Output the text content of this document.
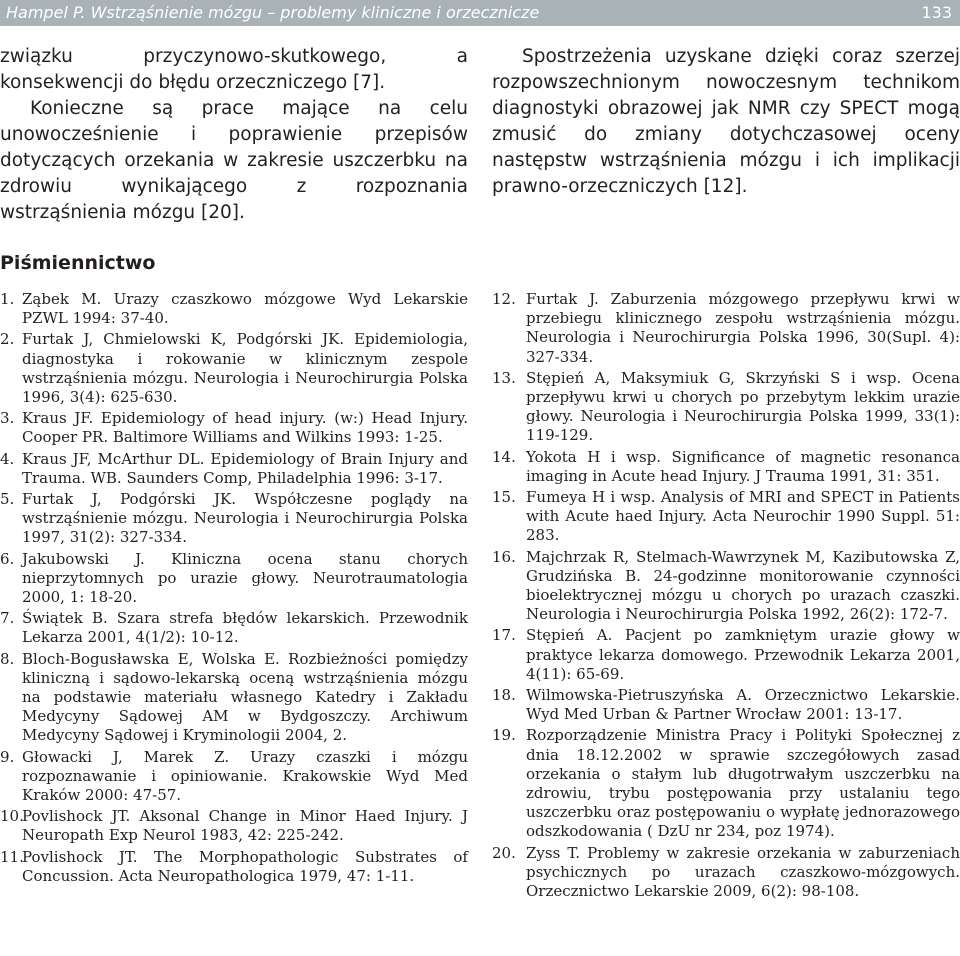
Hampel P. Wstrząśnienie mózgu – problemy kliniczne i orzecznicze	133

związku przyczynowo-skutkowego, a konsekwencji do błędu orzeczniczego [7].

Konieczne są prace mające na celu unowocześnienie i poprawienie przepisów dotyczących orzekania w zakresie uszczerbku na zdrowiu wynikającego z rozpoznania wstrząśnienia mózgu [20].

Spostrzeżenia uzyskane dzięki coraz szerzej rozpowszechnionym nowoczesnym technikom diagnostyki obrazowej jak NMR czy SPECT mogą zmusić do zmiany dotychczasowej oceny następstw wstrząśnienia mózgu i ich implikacji prawno-orzeczniczych [12].

Piśmiennictwo
1. Ząbek M. Urazy czaszkowo mózgowe Wyd Lekarskie PZWL 1994: 37-40.
2. Furtak J, Chmielowski K, Podgórski JK. Epidemiologia, diagnostyka i rokowanie w klinicznym zespole wstrząśnienia mózgu. Neurologia i Neurochirurgia Polska 1996, 3(4): 625-630.
3. Kraus JF. Epidemiology of head injury. (w:) Head Injury. Cooper PR. Baltimore Williams and Wilkins 1993: 1-25.
4. Kraus JF, McArthur DL. Epidemiology of Brain Injury and Trauma. WB. Saunders Comp, Philadelphia 1996: 3-17.
5. Furtak J, Podgórski JK. Współczesne poglądy na wstrząśnienie mózgu. Neurologia i Neurochirurgia Polska 1997, 31(2): 327-334.
6. Jakubowski J. Kliniczna ocena stanu chorych nieprzytomnych po urazie głowy. Neurotraumatologia 2000, 1: 18-20.
7. Świątek B. Szara strefa błędów lekarskich. Przewodnik Lekarza 2001, 4(1/2): 10-12.
8. Bloch-Bogusławska E, Wolska E. Rozbieżności pomiędzy kliniczną i sądowo-lekarską oceną wstrząśnienia mózgu na podstawie materiału własnego Katedry i Zakładu Medycyny Sądowej AM w Bydgoszczy. Archiwum Medycyny Sądowej i Kryminologii 2004, 2.
9. Głowacki J, Marek Z. Urazy czaszki i mózgu rozpoznawanie i opiniowanie. Krakowskie Wyd Med Kraków 2000: 47-57.
10.
Povlishock JT. Aksonal Change in Minor Haed Injury. J Neuropath Exp Neurol 1983, 42: 225-242.
11.
Povlishock JT. The Morphopathologic Substrates of Concussion. Acta Neuropathologica 1979, 47: 1-11.
12. Furtak J. Zaburzenia mózgowego przepływu krwi w przebiegu klinicznego zespołu wstrząśnienia mózgu. Neurologia i Neurochirurgia Polska 1996, 30(Supl. 4): 327-334.
13. Stępień A, Maksymiuk G, Skrzyński S i wsp. Ocena przepływu krwi u chorych po przebytym lekkim urazie głowy. Neurologia i Neurochirurgia Polska 1999, 33(1): 119-129.
14. Yokota H i wsp. Significance of magnetic resonanca imaging in Acute head Injury. J Trauma 1991, 31: 351.
15. Fumeya H i wsp. Analysis of MRI and SPECT in Patients with Acute haed Injury. Acta Neurochir 1990 Suppl. 51: 283.
16. Majchrzak R, Stelmach-Wawrzynek M, Kazibutowska Z, Grudzińska B. 24-godzinne monitorowanie czynności bioelektrycznej mózgu u chorych po urazach czaszki. Neurologia i Neurochirurgia Polska 1992, 26(2): 172-7.
17. Stępień A. Pacjent po zamkniętym urazie głowy w praktyce lekarza domowego. Przewodnik Lekarza 2001, 4(11): 65-69.
18. Wilmowska-Pietruszyńska A. Orzecznictwo Lekarskie. Wyd Med Urban & Partner Wrocław 2001: 13-17.
19. Rozporządzenie Ministra Pracy i Polityki Społecznej z dnia 18.12.2002 w sprawie szczegółowych zasad orzekania o stałym lub długotrwałym uszczerbku na zdrowiu, trybu postępowania przy ustalaniu tego uszczerbku oraz postępowaniu o wypłatę jednorazowego odszkodowania ( DzU nr 234, poz 1974).
20. Zyss T. Problemy w zakresie orzekania w zaburzeniach psychicznych po urazach czaszkowo-mózgowych. Orzecznictwo Lekarskie 2009, 6(2): 98-108.
